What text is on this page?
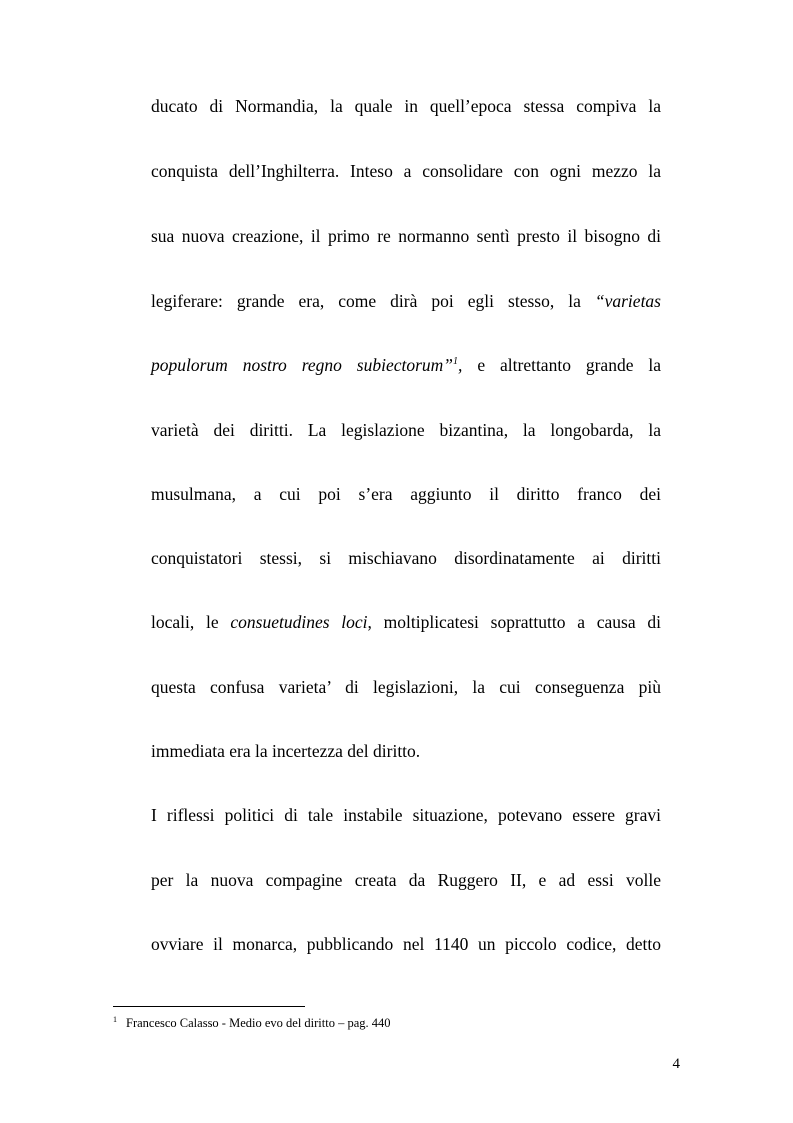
ducato di Normandia, la quale in quell’epoca stessa compiva la
conquista dell’Inghilterra. Inteso a consolidare con ogni mezzo la
sua nuova creazione, il primo re normanno sentì presto il bisogno di
legiferare: grande era, come dirà poi egli stesso, la “varietas
populorum nostro regno subiectorum”$^1$, e altrettanto grande la
varietà dei diritti. La legislazione bizantina, la longobarda, la
musulmana, a cui poi s’era aggiunto il diritto franco dei
conquistatori stessi, si mischiavano disordinatamente ai diritti
locali, le consuetudines loci, moltiplicatesi soprattutto a causa di
questa confusa varieta’ di legislazioni, la cui conseguenza più
immediata era la incertezza del diritto.
I riflessi politici di tale instabile situazione, potevano essere gravi
per la nuova compagine creata da Ruggero II, e ad essi volle
ovviare il monarca, pubblicando nel 1140 un piccolo codice, detto
$^1$ Francesco Calasso - Medio evo del diritto – pag. 440
4
